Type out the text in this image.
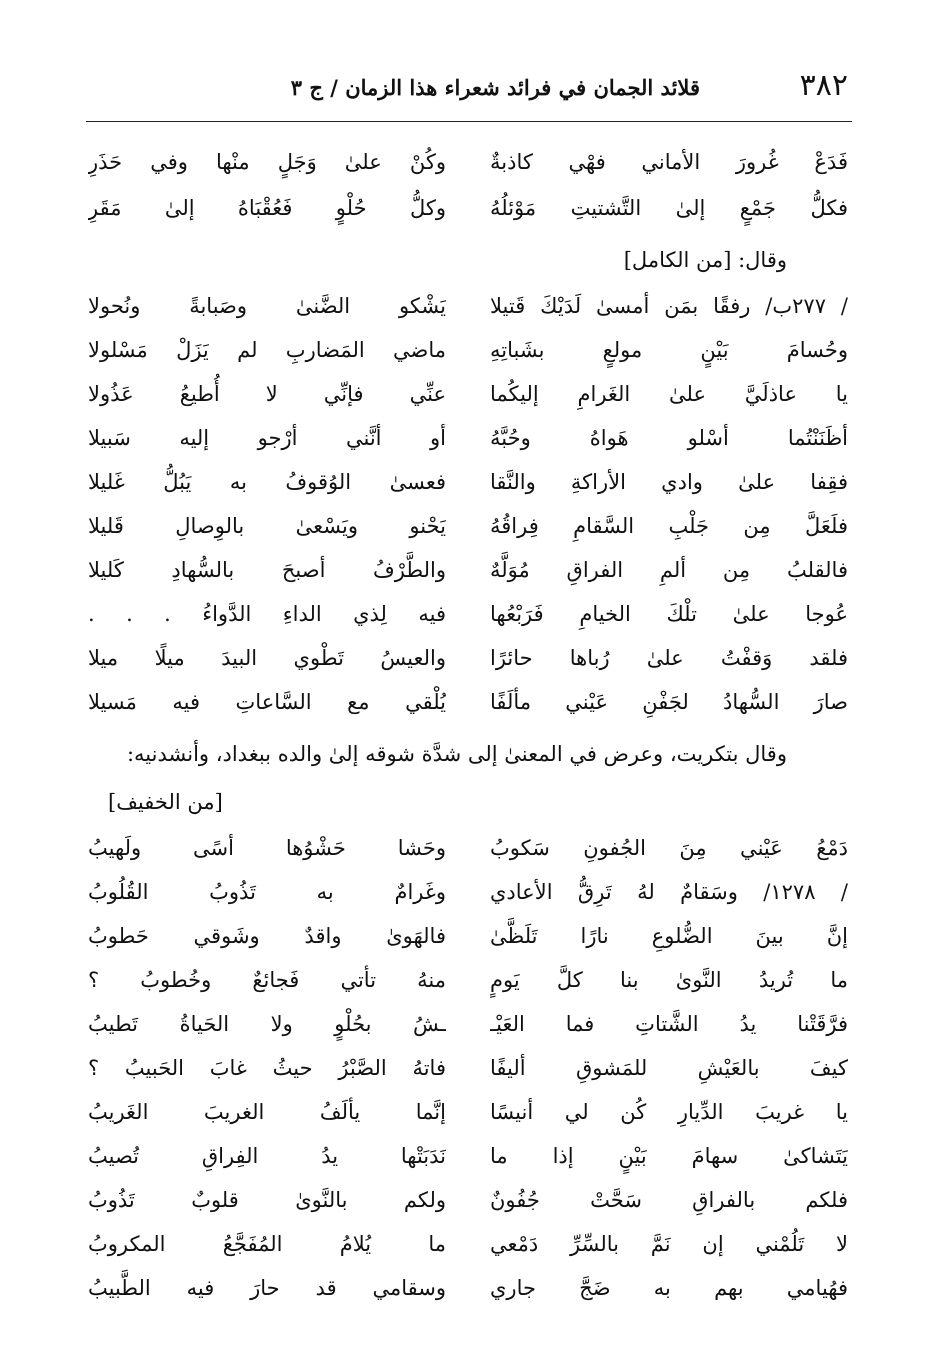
٣٨٢
قلائد الجمان في فرائد شعراء هذا الزمان / ج ٣
فَدَعْ غُرورَ الأماني فهْي كاذبةٌ
وكُنْ علىٰ وَجَلٍ منْها وفي حَذَرِ
فكلُّ جَمْعٍ إلىٰ التَّشتيتِ مَوْئلُهُ
وكلُّ حُلْوٍ فَعُقْبَاهُ إلىٰ مَقَرِ
وقال: [من الكامل]
/ ٢٧٧ب/ رفقًا بمَن أمسىٰ لَدَيْكَ قَتيلا
يَشْكو الضَّنىٰ وصَبابةً ونُحولا
وحُسامَ بَيْنٍ مولعٍ بشَباتِهِ
ماضي المَضاربِ لم يَزَلْ مَسْلولا
يا عاذلَيَّ علىٰ الغَرامِ إليكُما
عنِّي فإنِّي لا أُطيعُ عَذُولا
أظَنَنْتُما أسْلو هَواهُ وحُبَّهُ
أو أنَّني أرْجو إليه سَبيلا
فقِفا علىٰ وادي الأراكةِ والنَّقا
فعسىٰ الوُقوفُ به يَبُلُّ غَليلا
فلَعَلَّ مِن جَلْبِ السَّقامِ فِراقُهُ
يَحْنو ويَسْعىٰ بالوِصالِ قَليلا
فالقلبُ مِن ألمِ الفراقِ مُوَلَّهٌ
والطَّرْفُ أصبحَ بالسُّهادِ كَليلا
عُوجا علىٰ تلْكَ الخيامِ فَرَبْعُها
فيه لِذي الداءِ الدَّواءُ . . .
فلقد وَقفْتُ علىٰ رُباها حائرًا
والعيسُ تَطْوي البيدَ ميلًا ميلا
صارَ السُّهادُ لجَفْنِ عَيْني مألَفًا
يُلْقي مع السَّاعاتِ فيه مَسيلا
وقال بتكريت، وعرض في المعنىٰ إلى شدَّة شوقه إلىٰ والده ببغداد، وأنشدنيه:
[من الخفيف]
دَمْعُ عَيْني مِنَ الجُفونِ سَكوبُ
وحَشا حَشْوُها أسًى ولَهيبُ
/ ١٢٧٨/ وسَقامٌ لهُ تَرِقُّ الأعادي
وغَرامٌ به تَذُوبُ القُلُوبُ
إنَّ بينَ الضُّلوعِ نارًا تَلَظَّىٰ
فالهَوىٰ واقدٌ وشَوقي حَطوبُ
ما تُريدُ النَّوىٰ بنا كلَّ يَومٍ
منهُ تأتي فَجائعٌ وخُطوبُ ؟
فرَّقَتْنا يدُ الشَّتاتِ فما العَيْـ
ـشُ بحُلْوٍ ولا الحَياةُ تَطيبُ
كيفَ بالعَيْشِ للمَشوقِ أليفًا
فاتهُ الصَّبْرُ حيثُ غابَ الحَبيبُ ؟
يا غريبَ الدِّيارِ كُن لي أنيسًا
إنَّما يألَفُ الغريبَ الغَريبُ
يَتَشاكىٰ سهامَ بَيْنٍ إذا ما
نَدَبَتْها يدُ الفِراقِ تُصيبُ
فلكم بالفراقِ سَحَّتْ جُفُونٌ
ولكم بالنَّوىٰ قلوبٌ تَذُوبُ
لا تَلُمْني إن نَمَّ بالسِّرِّ دَمْعي
ما يُلامُ المُفَجَّعُ المكروبُ
فهُيامي بهم به ضَجَّ جاري
وسقامي قد حارَ فيه الطَّبيبُ
